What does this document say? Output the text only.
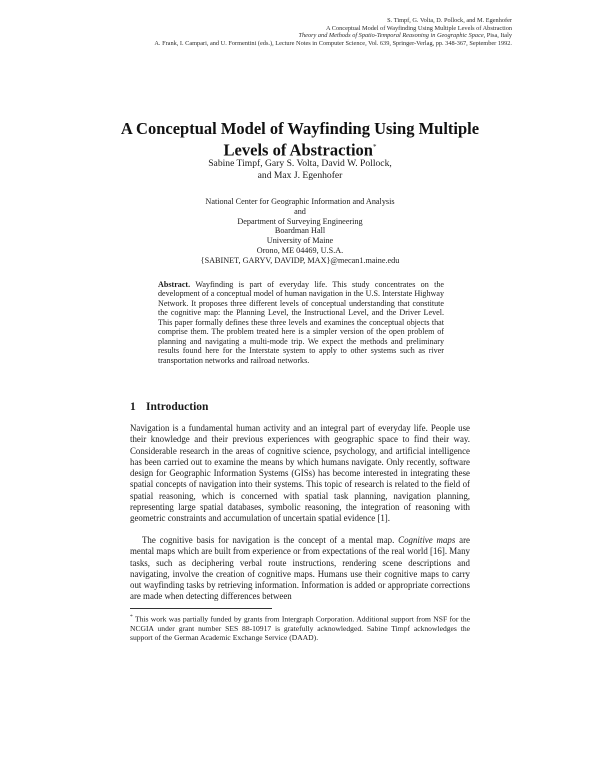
S. Timpf, G. Volta, D. Pollock, and M. Egenhofer
A Conceptual Model of Wayfinding Using Multiple Levels of Abstraction
Theory and Methods of Spatio-Temporal Reasoning in Geographic Space, Pisa, Italy
A. Frank, I. Campari, and U. Formentini (eds.), Lecture Notes in Computer Science, Vol. 639, Springer-Verlag, pp. 348-367, September 1992.
A Conceptual Model of Wayfinding Using Multiple
Levels of Abstraction*
Sabine Timpf, Gary S. Volta, David W. Pollock,
and Max J. Egenhofer
National Center for Geographic Information and Analysis
and
Department of Surveying Engineering
Boardman Hall
University of Maine
Orono, ME 04469, U.S.A.
{SABINET, GARYV, DAVIDP, MAX}@mecan1.maine.edu
Abstract. Wayfinding is part of everyday life. This study concentrates on the development of a conceptual model of human navigation in the U.S. Interstate Highway Network. It proposes three different levels of conceptual understanding that constitute the cognitive map: the Planning Level, the Instructional Level, and the Driver Level. This paper formally defines these three levels and examines the conceptual objects that comprise them. The problem treated here is a simpler version of the open problem of planning and navigating a multi-mode trip. We expect the methods and preliminary results found here for the Interstate system to apply to other systems such as river transportation networks and railroad networks.
1 Introduction
Navigation is a fundamental human activity and an integral part of everyday life. People use their knowledge and their previous experiences with geographic space to find their way. Considerable research in the areas of cognitive science, psychology, and artificial intelligence has been carried out to examine the means by which humans navigate. Only recently, software design for Geographic Information Systems (GISs) has become interested in integrating these spatial concepts of navigation into their systems. This topic of research is related to the field of spatial reasoning, which is concerned with spatial task planning, navigation planning, representing large spatial databases, symbolic reasoning, the integration of reasoning with geometric constraints and accumulation of uncertain spatial evidence [1].
The cognitive basis for navigation is the concept of a mental map. Cognitive maps are mental maps which are built from experience or from expectations of the real world [16]. Many tasks, such as deciphering verbal route instructions, rendering scene descriptions and navigating, involve the creation of cognitive maps. Humans use their cognitive maps to carry out wayfinding tasks by retrieving information. Information is added or appropriate corrections are made when detecting differences between
* This work was partially funded by grants from Intergraph Corporation. Additional support from NSF for the NCGIA under grant number SES 88-10917 is gratefully acknowledged. Sabine Timpf acknowledges the support of the German Academic Exchange Service (DAAD).
